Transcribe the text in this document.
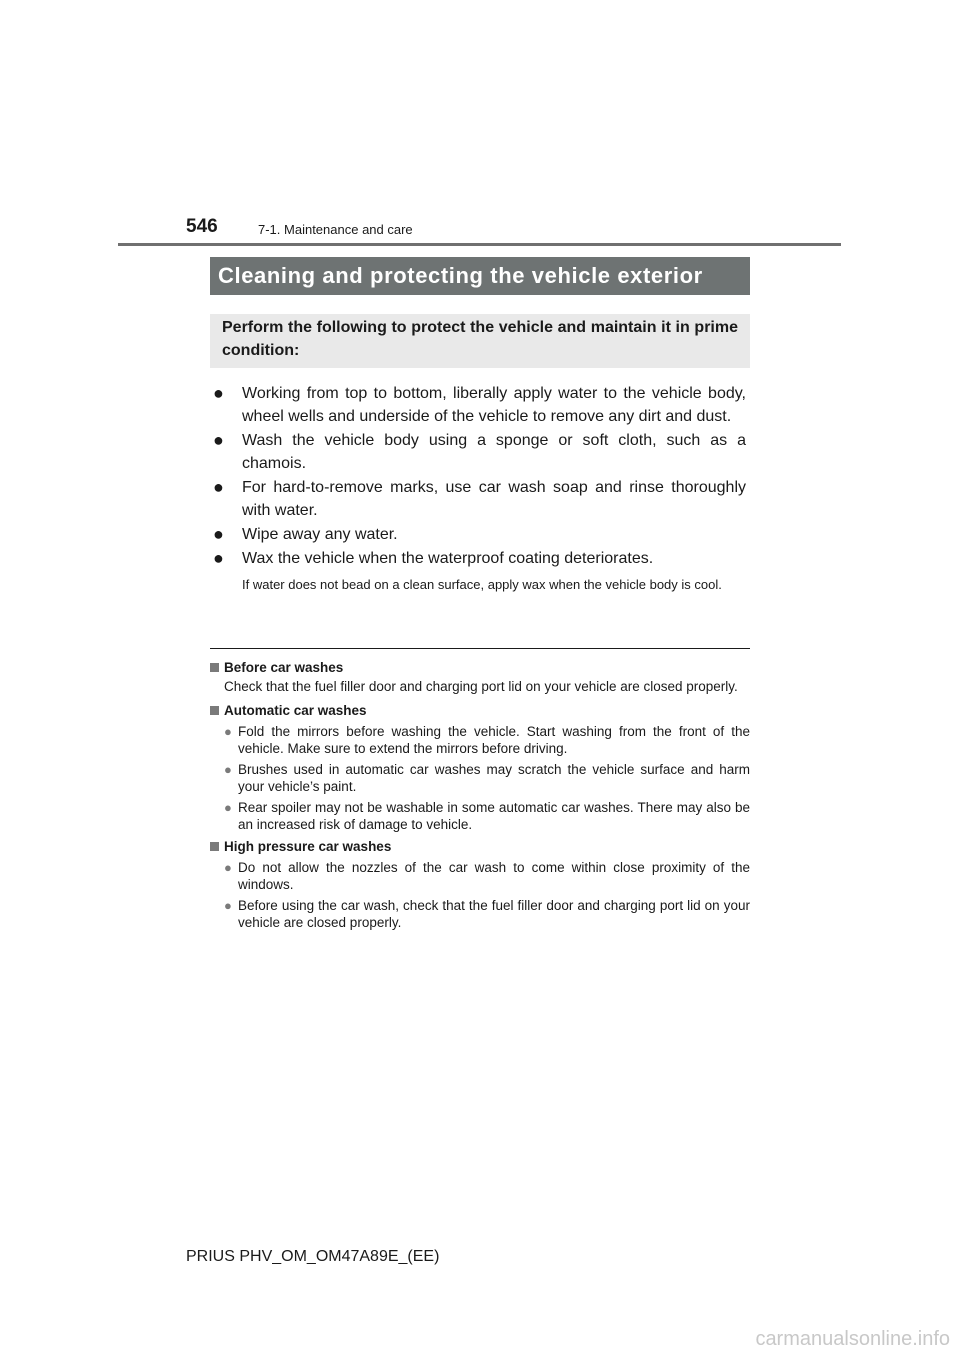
546	7-1. Maintenance and care
Cleaning and protecting the vehicle exterior
Perform the following to protect the vehicle and maintain it in prime condition:
●	Working from top to bottom, liberally apply water to the vehicle body, wheel wells and underside of the vehicle to remove any dirt and dust.
●	Wash the vehicle body using a sponge or soft cloth, such as a chamois.
●	For hard-to-remove marks, use car wash soap and rinse thoroughly with water.
●	Wipe away any water.
●	Wax the vehicle when the waterproof coating deteriorates.
If water does not bead on a clean surface, apply wax when the vehicle body is cool.
Before car washes
Check that the fuel filler door and charging port lid on your vehicle are closed properly.
Automatic car washes
● Fold the mirrors before washing the vehicle. Start washing from the front of the vehicle. Make sure to extend the mirrors before driving.
● Brushes used in automatic car washes may scratch the vehicle surface and harm your vehicle’s paint.
● Rear spoiler may not be washable in some automatic car washes. There may also be an increased risk of damage to vehicle.
High pressure car washes
● Do not allow the nozzles of the car wash to come within close proximity of the windows.
● Before using the car wash, check that the fuel filler door and charging port lid on your vehicle are closed properly.
PRIUS PHV_OM_OM47A89E_(EE)
carmanualsonline.info
